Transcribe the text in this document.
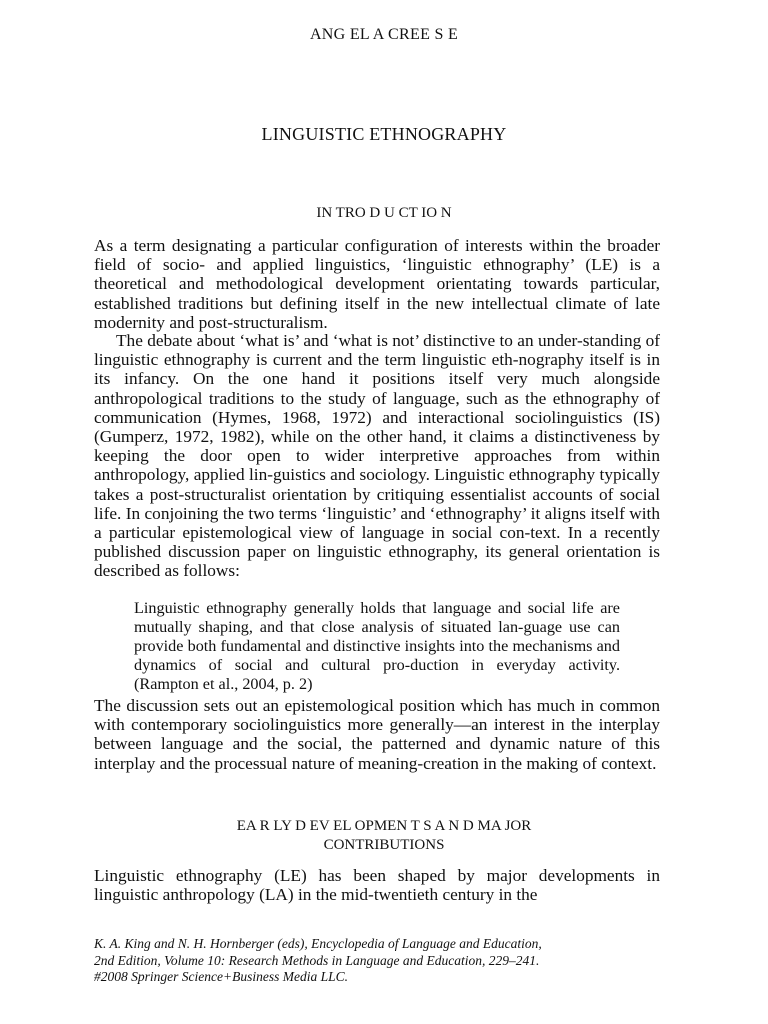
ANG EL A CREE S E
LINGUISTIC ETHNOGRAPHY
IN TRO D U CT IO N

As a term designating a particular configuration of interests within the broader field of socio- and applied linguistics, ‘linguistic ethnography’ (LE) is a theoretical and methodological development orientating towards particular, established traditions but defining itself in the new intellectual climate of late modernity and post-structuralism.

The debate about ‘what is’ and ‘what is not’ distinctive to an under-standing of linguistic ethnography is current and the term linguistic eth-nography itself is in its infancy. On the one hand it positions itself very much alongside anthropological traditions to the study of language, such as the ethnography of communication (Hymes, 1968, 1972) and interactional sociolinguistics (IS) (Gumperz, 1972, 1982), while on the other hand, it claims a distinctiveness by keeping the door open to wider interpretive approaches from within anthropology, applied lin-guistics and sociology. Linguistic ethnography typically takes a post-structuralist orientation by critiquing essentialist accounts of social life. In conjoining the two terms ‘linguistic’ and ‘ethnography’ it aligns itself with a particular epistemological view of language in social con-text. In a recently published discussion paper on linguistic ethnography, its general orientation is described as follows:

Linguistic ethnography generally holds that language and social life are mutually shaping, and that close analysis of situated lan-guage use can provide both fundamental and distinctive insights into the mechanisms and dynamics of social and cultural pro-duction in everyday activity. (Rampton et al., 2004, p. 2)

The discussion sets out an epistemological position which has much in common with contemporary sociolinguistics more generally—an interest in the interplay between language and the social, the patterned and dynamic nature of this interplay and the processual nature of meaning-creation in the making of context.

EA R LY D EV EL OPMEN T S A N D MA JOR
CONTRIBUTIONS

Linguistic ethnography (LE) has been shaped by major developments in linguistic anthropology (LA) in the mid-twentieth century in the

K. A. King and N. H. Hornberger (eds), Encyclopedia of Language and Education,
2nd Edition, Volume 10: Research Methods in Language and Education, 229–241.
#2008 Springer Science+Business Media LLC.
